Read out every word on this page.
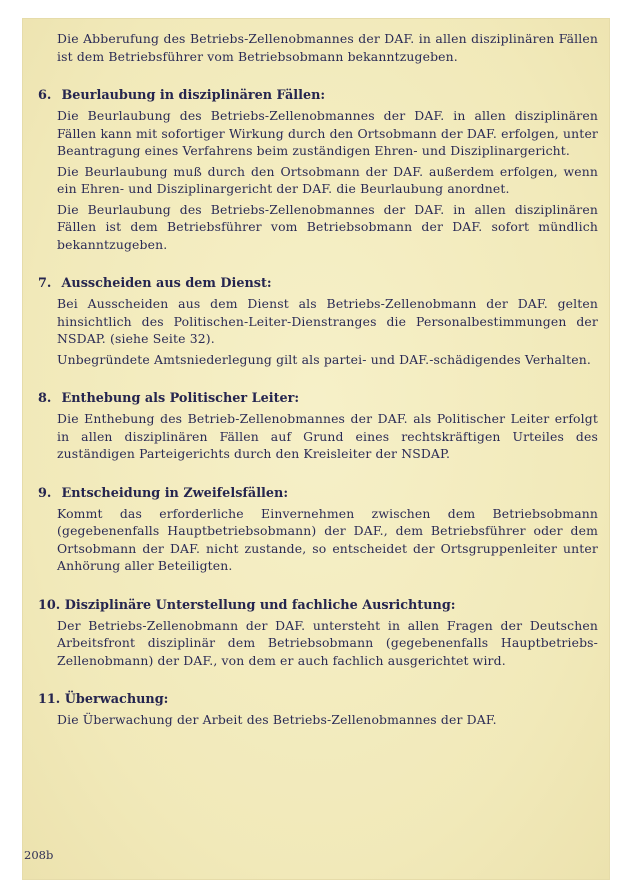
Die Abberufung des Betriebs-Zellenobmannes der DAF. in allen disziplinären Fällen ist dem Betriebsführer vom Betriebsobmann bekanntzugeben.

6. Beurlaubung in disziplinären Fällen:

Die Beurlaubung des Betriebs-Zellenobmannes der DAF. in allen disziplinären Fällen kann mit sofortiger Wirkung durch den Ortsobmann der DAF. erfolgen, unter Beantragung eines Verfahrens beim zuständigen Ehren- und Disziplinargericht.

Die Beurlaubung muß durch den Ortsobmann der DAF. außerdem erfolgen, wenn ein Ehren- und Disziplinargericht der DAF. die Beurlaubung anordnet.

Die Beurlaubung des Betriebs-Zellenobmannes der DAF. in allen disziplinären Fällen ist dem Betriebsführer vom Betriebsobmann der DAF. sofort mündlich bekanntzugeben.

7. Ausscheiden aus dem Dienst:

Bei Ausscheiden aus dem Dienst als Betriebs-Zellenobmann der DAF. gelten hinsichtlich des Politischen-Leiter-Dienstranges die Personalbestimmungen der NSDAP. (siehe Seite 32).

Unbegründete Amtsniederlegung gilt als partei- und DAF.-schädigendes Verhalten.

8. Enthebung als Politischer Leiter:

Die Enthebung des Betrieb-Zellenobmannes der DAF. als Politischer Leiter erfolgt in allen disziplinären Fällen auf Grund eines rechtskräftigen Urteiles des zuständigen Parteigerichts durch den Kreisleiter der NSDAP.

9. Entscheidung in Zweifelsfällen:

Kommt das erforderliche Einvernehmen zwischen dem Betriebsobmann (gegebenenfalls Hauptbetriebsobmann) der DAF., dem Betriebsführer oder dem Ortsobmann der DAF. nicht zustande, so entscheidet der Ortsgruppenleiter unter Anhörung aller Beteiligten.

10. Disziplinäre Unterstellung und fachliche Ausrichtung:

Der Betriebs-Zellenobmann der DAF. untersteht in allen Fragen der Deutschen Arbeitsfront disziplinär dem Betriebsobmann (gegebenenfalls Hauptbetriebs-Zellenobmann) der DAF., von dem er auch fachlich ausgerichtet wird.

11. Überwachung:

Die Überwachung der Arbeit des Betriebs-Zellenobmannes der DAF.

208b
